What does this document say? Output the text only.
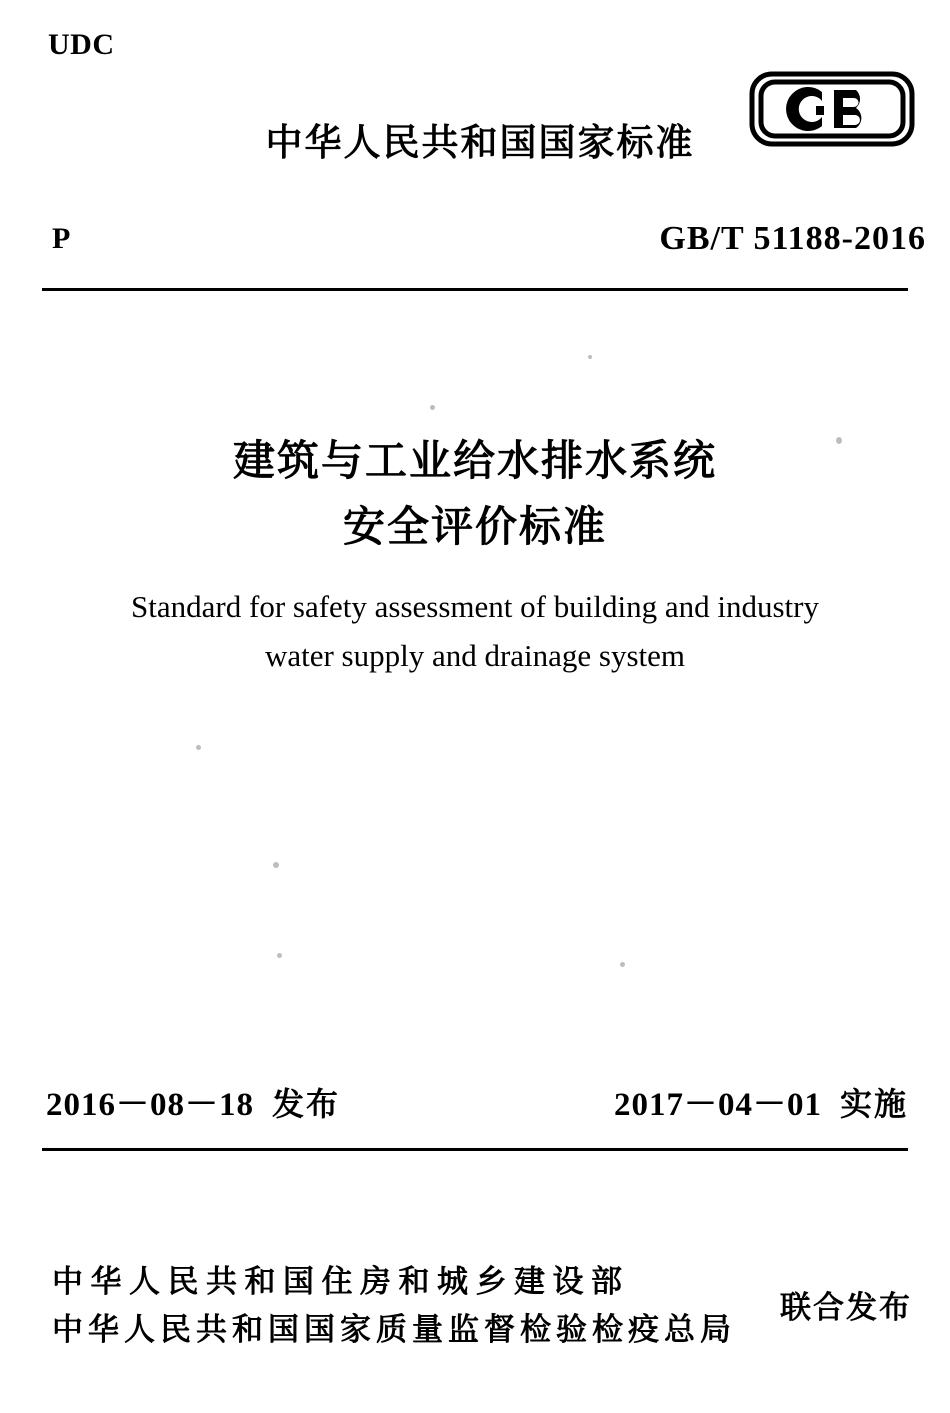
UDC
中华人民共和国国家标准
P	GB/T 51188-2016
建筑与工业给水排水系统
安全评价标准
Standard for safety assessment of building and industry
water supply and drainage system
2016－08－18 发布	2017－04－01 实施
中华人民共和国住房和城乡建设部
中华人民共和国国家质量监督检验检疫总局
联合发布
